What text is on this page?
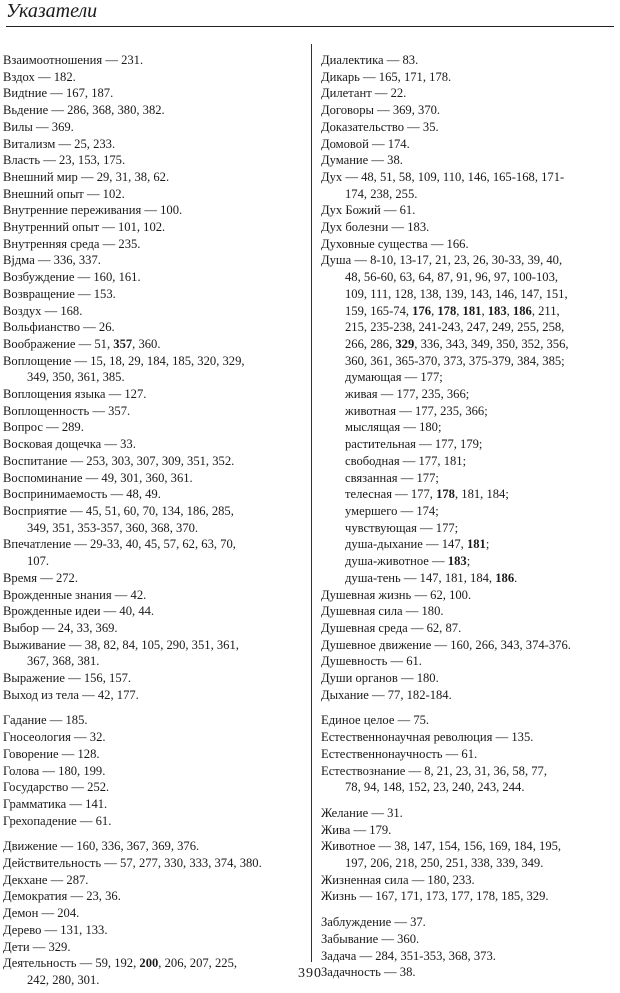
Указатели
Взаимоотношения — 231.
Вздох — 182.
Видtние — 167, 187.
Вьдение — 286, 368, 380, 382.
Вилы — 369.
Витализм — 25, 233.
Власть — 23, 153, 175.
Внешний мир — 29, 31, 38, 62.
Внешний опыт — 102.
Внутренние переживания — 100.
Внутренний опыт — 101, 102.
Внутренняя среда — 235.
Вjдма — 336, 337.
Возбуждение — 160, 161.
Возвращение — 153.
Воздух — 168.
Вольфианство — 26.
Воображение — 51, 357, 360.
Воплощение — 15, 18, 29, 184, 185, 320, 329,
349, 350, 361, 385.
Воплощения языка — 127.
Воплощенность — 357.
Вопрос — 289.
Восковая дощечка — 33.
Воспитание — 253, 303, 307, 309, 351, 352.
Воспоминание — 49, 301, 360, 361.
Воспринимаемость — 48, 49.
Восприятие — 45, 51, 60, 70, 134, 186, 285,
349, 351, 353-357, 360, 368, 370.
Впечатление — 29-33, 40, 45, 57, 62, 63, 70,
107.
Время — 272.
Врожденные знания — 42.
Врожденные идеи — 40, 44.
Выбор — 24, 33, 369.
Выживание — 38, 82, 84, 105, 290, 351, 361,
367, 368, 381.
Выражение — 156, 157.
Выход из тела — 42, 177.
Гадание — 185.
Гносеология — 32.
Говорение — 128.
Голова — 180, 199.
Государство — 252.
Грамматика — 141.
Грехопадение — 61.
Движение — 160, 336, 367, 369, 376.
Действительность — 57, 277, 330, 333, 374, 380.
Декхане — 287.
Демократия — 23, 36.
Демон — 204.
Дерево — 131, 133.
Дети — 329.
Деятельность — 59, 192, 200, 206, 207, 225,
242, 280, 301.
Диалектика — 83.
Дикарь — 165, 171, 178.
Дилетант — 22.
Договоры — 369, 370.
Доказательство — 35.
Домовой — 174.
Думание — 38.
Дух — 48, 51, 58, 109, 110, 146, 165-168, 171-
174, 238, 255.
Дух Божий — 61.
Дух болезни — 183.
Духовные существа — 166.
Душа — 8-10, 13-17, 21, 23, 26, 30-33, 39, 40,
48, 56-60, 63, 64, 87, 91, 96, 97, 100-103,
109, 111, 128, 138, 139, 143, 146, 147, 151,
159, 165-74, 176, 178, 181, 183, 186, 211,
215, 235-238, 241-243, 247, 249, 255, 258,
266, 286, 329, 336, 343, 349, 350, 352, 356,
360, 361, 365-370, 373, 375-379, 384, 385;
думающая — 177;
живая — 177, 235, 366;
животная — 177, 235, 366;
мыслящая — 180;
растительная — 177, 179;
свободная — 177, 181;
связанная — 177;
телесная — 177, 178, 181, 184;
умершего — 174;
чувствующая — 177;
душа-дыхание — 147, 181;
душа-животное — 183;
душа-тень — 147, 181, 184, 186.
Душевная жизнь — 62, 100.
Душевная сила — 180.
Душевная среда — 62, 87.
Душевное движение — 160, 266, 343, 374-376.
Душевность — 61.
Души органов — 180.
Дыхание — 77, 182-184.
Единое целое — 75.
Естественнонаучная революция — 135.
Естественнонаучность — 61.
Естествознание — 8, 21, 23, 31, 36, 58, 77,
78, 94, 148, 152, 23, 240, 243, 244.
Желание — 31.
Жива — 179.
Животное — 38, 147, 154, 156, 169, 184, 195,
197, 206, 218, 250, 251, 338, 339, 349.
Жизненная сила — 180, 233.
Жизнь — 167, 171, 173, 177, 178, 185, 329.
Заблуждение — 37.
Забывание — 360.
Задача — 284, 351-353, 368, 373.
Задачность — 38.
390
